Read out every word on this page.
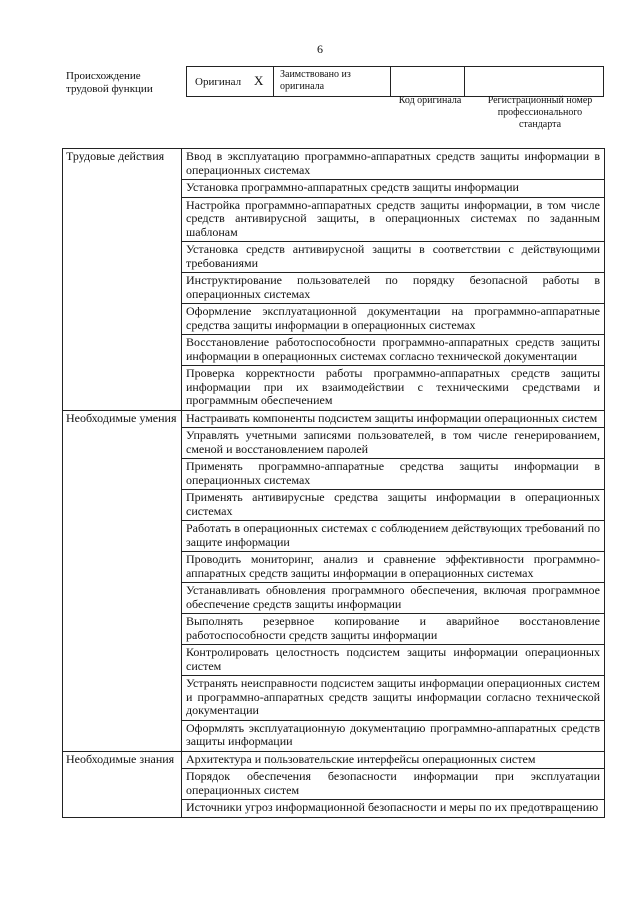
6
Происхождение трудовой функции
Оригинал X Заимствовано из оригинала
Код оригинала	Регистрационный номер профессионального стандарта
Трудовые действия	Ввод в эксплуатацию программно-аппаратных средств защиты информации в операционных системах
	Установка программно-аппаратных средств защиты информации
	Настройка программно-аппаратных средств защиты информации, в том числе средств антивирусной защиты, в операционных системах по заданным шаблонам
	Установка средств антивирусной защиты в соответствии с действующими требованиями
	Инструктирование пользователей по порядку безопасной работы в операционных системах
	Оформление эксплуатационной документации на программно-аппаратные средства защиты информации в операционных системах
	Восстановление работоспособности программно-аппаратных средств защиты информации в операционных системах согласно технической документации
	Проверка корректности работы программно-аппаратных средств защиты информации при их взаимодействии с техническими средствами и программным обеспечением
Необходимые умения	Настраивать компоненты подсистем защиты информации операционных систем
	Управлять учетными записями пользователей, в том числе генерированием, сменой и восстановлением паролей
	Применять программно-аппаратные средства защиты информации в операционных системах
	Применять антивирусные средства защиты информации в операционных системах
	Работать в операционных системах с соблюдением действующих требований по защите информации
	Проводить мониторинг, анализ и сравнение эффективности программно-аппаратных средств защиты информации в операционных системах
	Устанавливать обновления программного обеспечения, включая программное обеспечение средств защиты информации
	Выполнять резервное копирование и аварийное восстановление работоспособности средств защиты информации
	Контролировать целостность подсистем защиты информации операционных систем
	Устранять неисправности подсистем защиты информации операционных систем и программно-аппаратных средств защиты информации согласно технической документации
	Оформлять эксплуатационную документацию программно-аппаратных средств защиты информации
Необходимые знания	Архитектура и пользовательские интерфейсы операционных систем
	Порядок обеспечения безопасности информации при эксплуатации операционных систем
	Источники угроз информационной безопасности и меры по их предотвращению
